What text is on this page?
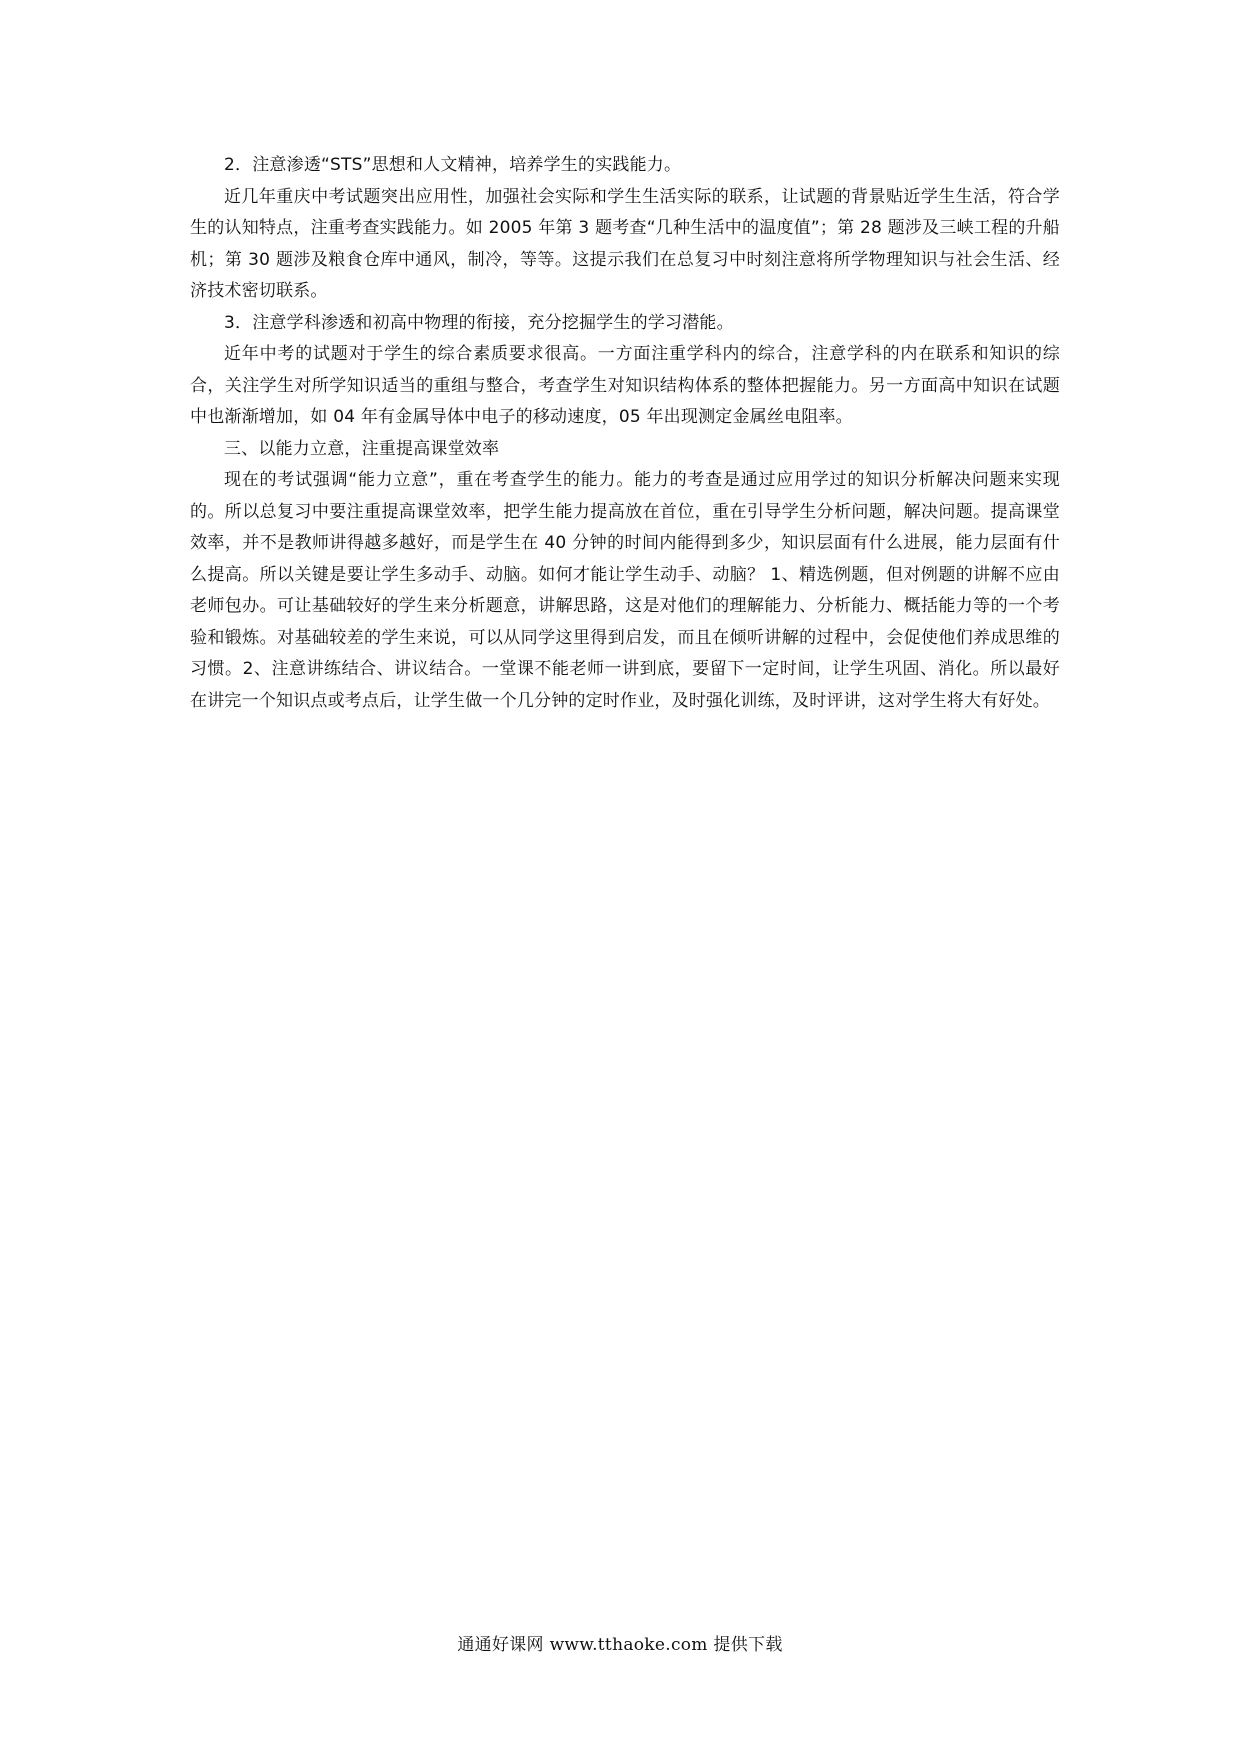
2．注意渗透“STS”思想和人文精神，培养学生的实践能力。

近几年重庆中考试题突出应用性，加强社会实际和学生生活实际的联系，让试题的背景贴近学生生活，符合学生的认知特点，注重考查实践能力。如 2005 年第 3 题考查“几种生活中的温度值”；第 28 题涉及三峡工程的升船机；第 30 题涉及粮食仓库中通风，制冷，等等。这提示我们在总复习中时刻注意将所学物理知识与社会生活、经济技术密切联系。

3．注意学科渗透和初高中物理的衔接，充分挖掘学生的学习潜能。

近年中考的试题对于学生的综合素质要求很高。一方面注重学科内的综合，注意学科的内在联系和知识的综合，关注学生对所学知识适当的重组与整合，考查学生对知识结构体系的整体把握能力。另一方面高中知识在试题中也渐渐增加，如 04 年有金属导体中电子的移动速度，05 年出现测定金属丝电阻率。

三、以能力立意，注重提高课堂效率

现在的考试强调“能力立意”，重在考查学生的能力。能力的考查是通过应用学过的知识分析解决问题来实现的。所以总复习中要注重提高课堂效率，把学生能力提高放在首位，重在引导学生分析问题，解决问题。提高课堂效率，并不是教师讲得越多越好，而是学生在 40 分钟的时间内能得到多少，知识层面有什么进展，能力层面有什么提高。所以关键是要让学生多动手、动脑。如何才能让学生动手、动脑？ 1、精选例题，但对例题的讲解不应由老师包办。可让基础较好的学生来分析题意，讲解思路，这是对他们的理解能力、分析能力、概括能力等的一个考验和锻炼。对基础较差的学生来说，可以从同学这里得到启发，而且在倾听讲解的过程中，会促使他们养成思维的习惯。2、注意讲练结合、讲议结合。一堂课不能老师一讲到底，要留下一定时间，让学生巩固、消化。所以最好在讲完一个知识点或考点后，让学生做一个几分钟的定时作业，及时强化训练，及时评讲，这对学生将大有好处。

通通好课网 www.tthaoke.com 提供下载
